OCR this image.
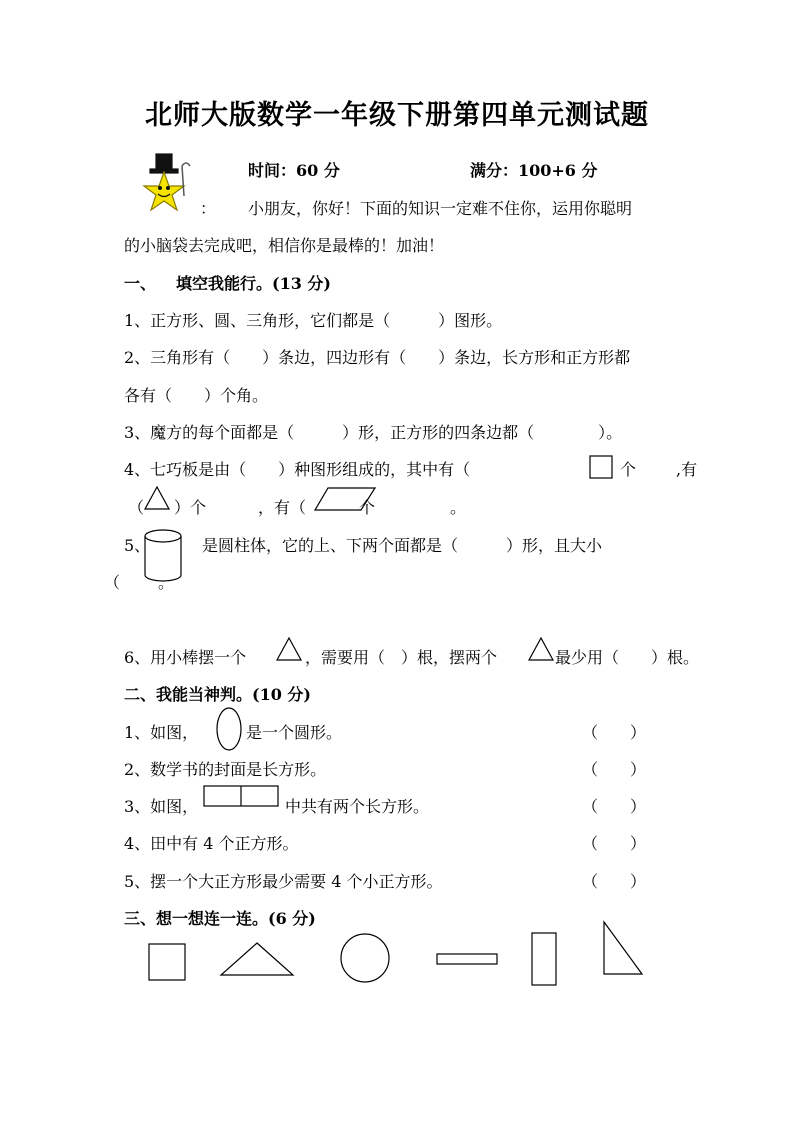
北师大版数学一年级下册第四单元测试题
时间：60 分	满分：100+6 分
： 小朋友，你好！下面的知识一定难不住你，运用你聪明
的小脑袋去完成吧，相信你是最棒的！加油！
一、 填空我能行。(13 分)
1、正方形、圆、三角形，它们都是（　　　）图形。
2、三角形有（　　）条边，四边形有（　　）条边，长方形和正方形都
各有（　　）个角。
3、魔方的每个面都是（　　　）形，正方形的四条边都（　　　　）。
4、七巧板是由（　　）种图形组成的，其中有（	个 ,有
（ ）个	，有（	个	。
5、	是圆柱体，它的上、下两个面都是（　　　）形，且大小
（ 。
6、用小棒摆一个	，需要用（　）根，摆两个	最少用（　　）根。
二、我能当神判。(10 分)
1、如图，	是一个圆形。	（　　）
2、数学书的封面是长方形。	（　　）
3、如图，	中共有两个长方形。	（　　）
4、田中有 4 个正方形。	（　　）
5、摆一个大正方形最少需要 4 个小正方形。	（　　）
三、想一想连一连。(6 分)
